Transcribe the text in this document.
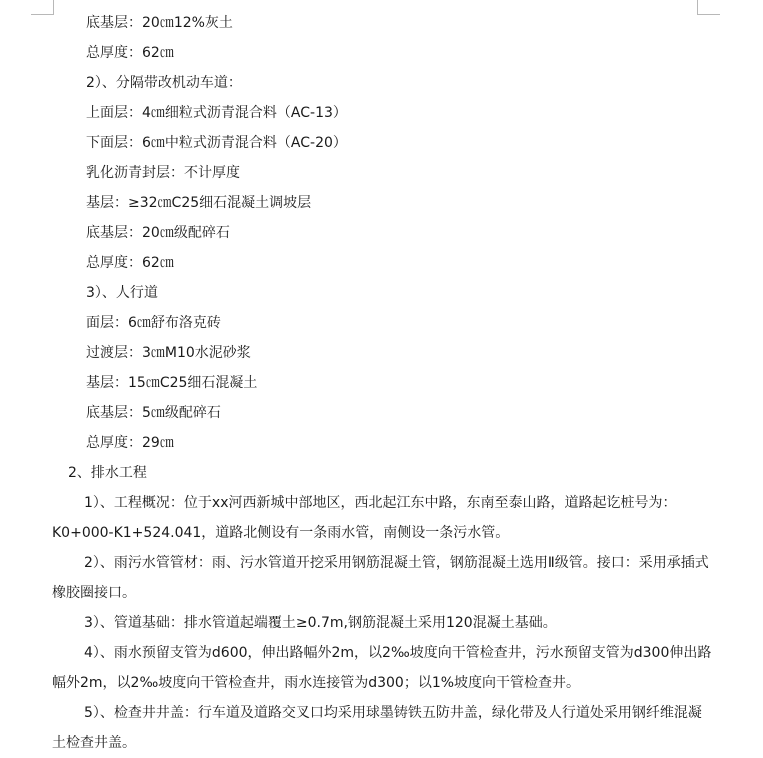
底基层：20㎝12%灰土
总厚度：62㎝
2）、分隔带改机动车道：
上面层：4㎝细粒式沥青混合料（AC-13）
下面层：6㎝中粒式沥青混合料（AC-20）
乳化沥青封层：不计厚度
基层：≥32㎝C25细石混凝土调坡层
底基层：20㎝级配碎石
总厚度：62㎝
3）、人行道
面层：6㎝舒布洛克砖
过渡层：3㎝M10水泥砂浆
基层：15㎝C25细石混凝土
底基层：5㎝级配碎石
总厚度：29㎝
2、排水工程
1）、工程概况：位于xx河西新城中部地区，西北起江东中路，东南至泰山路，道路起讫桩号为：K0+000-K1+524.041，道路北侧设有一条雨水管，南侧设一条污水管。
2）、雨污水管管材：雨、污水管道开挖采用钢筋混凝土管，钢筋混凝土选用Ⅱ级管。接口：采用承插式橡胶圈接口。
3）、管道基础：排水管道起端覆土≥0.7m,钢筋混凝土采用120混凝土基础。
4）、雨水预留支管为d600，伸出路幅外2m，以2‰坡度向干管检查井，污水预留支管为d300伸出路幅外2m，以2‰坡度向干管检查井，雨水连接管为d300；以1%坡度向干管检查井。
5）、检查井井盖：行车道及道路交叉口均采用球墨铸铁五防井盖，绿化带及人行道处采用钢纤维混凝土检查井盖。
